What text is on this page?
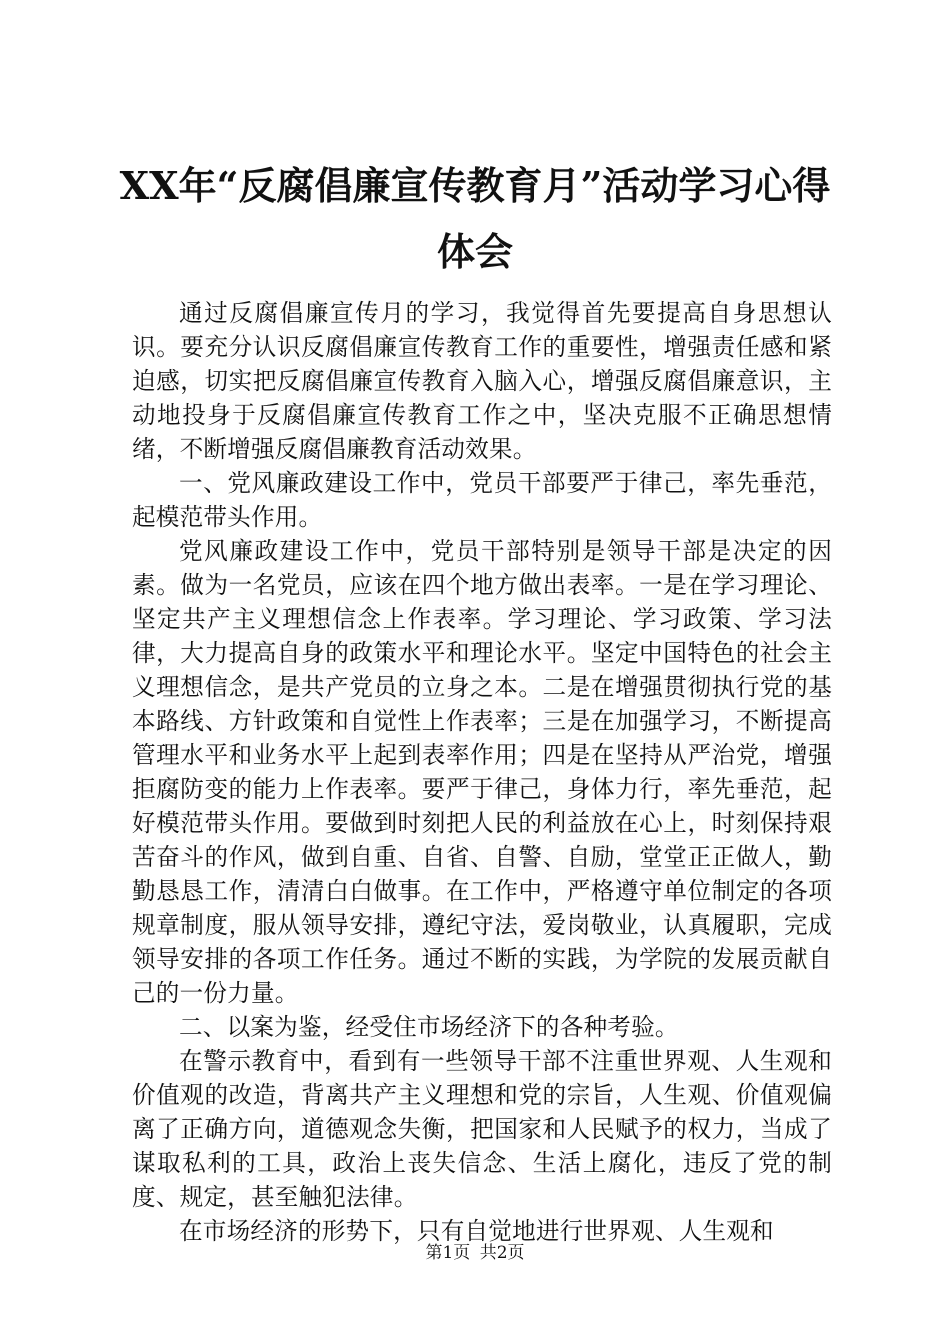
XX年“反腐倡廉宣传教育月”活动学习心得
体会

通过反腐倡廉宣传月的学习，我觉得首先要提高自身思想认识。要充分认识反腐倡廉宣传教育工作的重要性，增强责任感和紧迫感，切实把反腐倡廉宣传教育入脑入心，增强反腐倡廉意识，主动地投身于反腐倡廉宣传教育工作之中，坚决克服不正确思想情绪，不断增强反腐倡廉教育活动效果。

一、党风廉政建设工作中，党员干部要严于律己，率先垂范，起模范带头作用。

党风廉政建设工作中，党员干部特别是领导干部是决定的因素。做为一名党员，应该在四个地方做出表率。一是在学习理论、坚定共产主义理想信念上作表率。学习理论、学习政策、学习法律，大力提高自身的政策水平和理论水平。坚定中国特色的社会主义理想信念，是共产党员的立身之本。二是在增强贯彻执行党的基本路线、方针政策和自觉性上作表率；三是在加强学习，不断提高管理水平和业务水平上起到表率作用；四是在坚持从严治党，增强拒腐防变的能力上作表率。要严于律己，身体力行，率先垂范，起好模范带头作用。要做到时刻把人民的利益放在心上，时刻保持艰苦奋斗的作风，做到自重、自省、自警、自励，堂堂正正做人，勤勤恳恳工作，清清白白做事。在工作中，严格遵守单位制定的各项规章制度，服从领导安排，遵纪守法，爱岗敬业，认真履职，完成领导安排的各项工作任务。通过不断的实践，为学院的发展贡献自己的一份力量。

二、以案为鉴，经受住市场经济下的各种考验。

在警示教育中，看到有一些领导干部不注重世界观、人生观和价值观的改造，背离共产主义理想和党的宗旨，人生观、价值观偏离了正确方向，道德观念失衡，把国家和人民赋予的权力，当成了谋取私利的工具，政治上丧失信念、生活上腐化，违反了党的制度、规定，甚至触犯法律。

在市场经济的形势下，只有自觉地进行世界观、人生观和

第1页 共2页
